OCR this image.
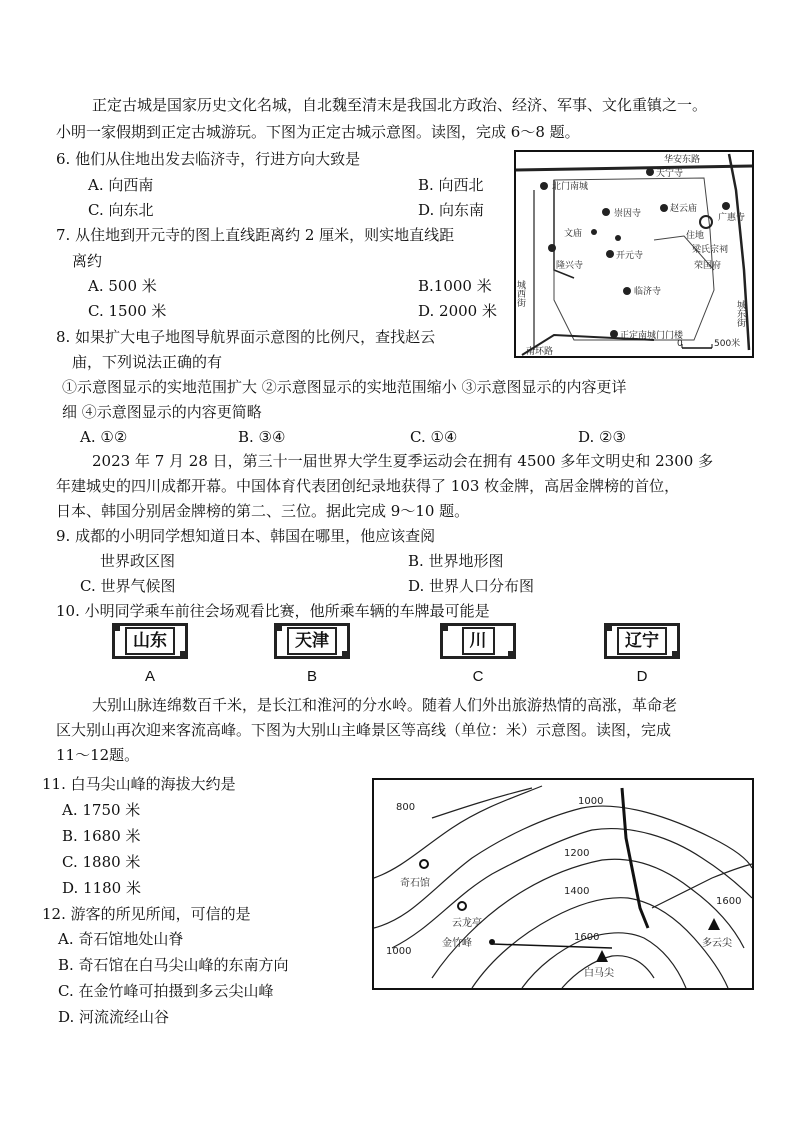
正定古城是国家历史文化名城，自北魏至清末是我国北方政治、经济、军事、文化重镇之一。
小明一家假期到正定古城游玩。下图为正定古城示意图。读图，完成 6～8 题。
6. 他们从住地出发去临济寺，行进方向大致是
A. 向西南	B. 向西北
C. 向东北	D. 向东南
7. 从住地到开元寺的图上直线距离约 2 厘米，则实地直线距
离约
A. 500 米	B.1000 米
C. 1500 米	D. 2000 米
8. 如果扩大电子地图导航界面示意图的比例尺，查找赵云
庙，下列说法正确的有
①示意图显示的实地范围扩大 ②示意图显示的实地范围缩小 ③示意图显示的内容更详
细 ④示意图显示的内容更简略
A. ①②	B. ③④	C. ①④	D. ②③
华安东路
北门南城
天宁寺
崇因寺	赵云庙
广惠寺
文庙
隆兴寺
开元寺
临济寺
住地
梁氏宗祠
荣国府
正定南城门门楼
城西街
城东街
南环路
0	500米
2023 年 7 月 28 日，第三十一届世界大学生夏季运动会在拥有 4500 多年文明史和 2300 多
年建城史的四川成都开幕。中国体育代表团创纪录地获得了 103 枚金牌，高居金牌榜的首位，
日本、韩国分别居金牌榜的第二、三位。据此完成 9～10 题。
9. 成都的小明同学想知道日本、韩国在哪里，他应该查阅
世界政区图	B. 世界地形图
C. 世界气候图	D. 世界人口分布图
10. 小明同学乘车前往会场观看比赛，他所乘车辆的车牌最可能是
山东	天津	川	辽宁
A	B	C	D
大别山脉连绵数百千米，是长江和淮河的分水岭。随着人们外出旅游热情的高涨，革命老
区大别山再次迎来客流高峰。下图为大别山主峰景区等高线（单位：米）示意图。读图，完成
11～12题。
11. 白马尖山峰的海拔大约是
A. 1750 米
B. 1680 米
C. 1880 米
D. 1180 米
12. 游客的所见所闻，可信的是
A. 奇石馆地处山脊
B. 奇石馆在白马尖山峰的东南方向
C. 在金竹峰可拍摄到多云尖山峰
D. 河流流经山谷
奇石馆
云龙亭
金竹峰
白马尖
多云尖
800
1000
1200
1400
1600
1600
1000
